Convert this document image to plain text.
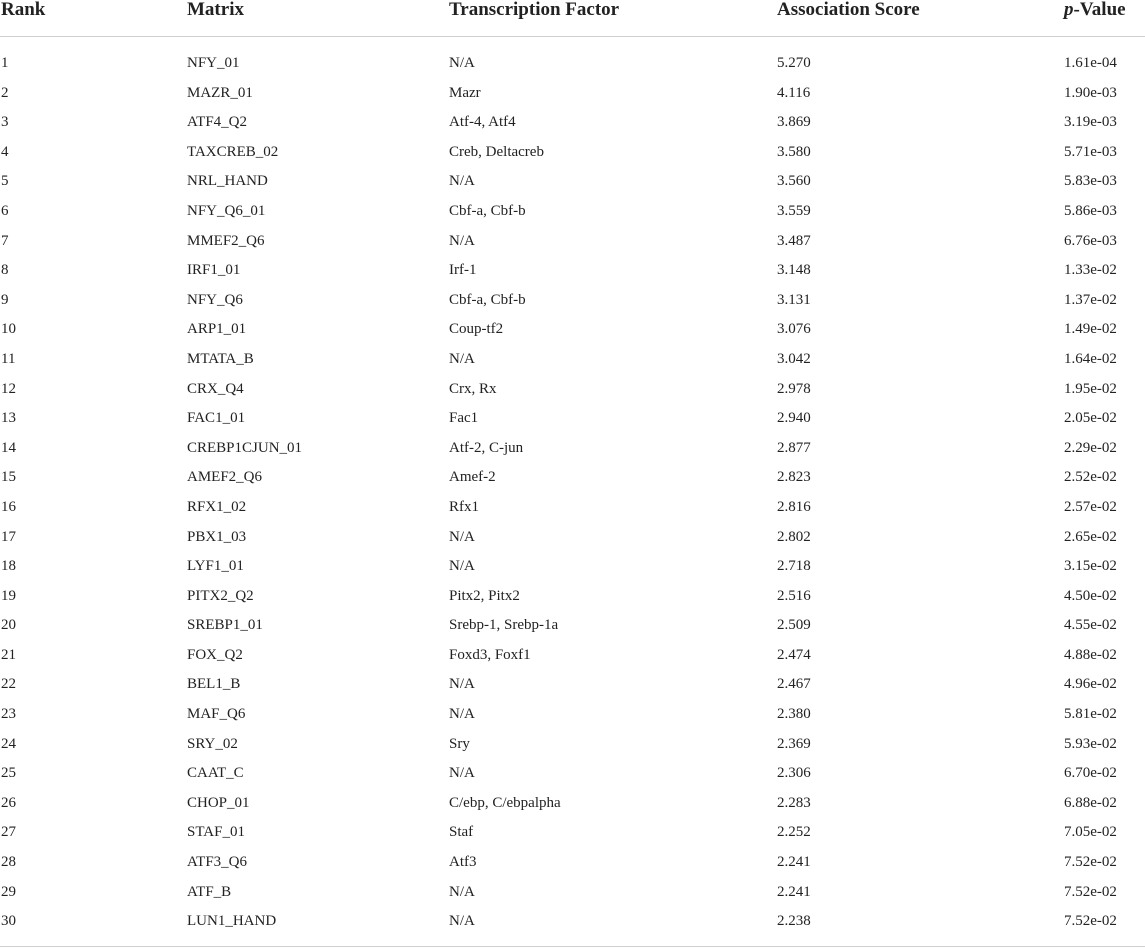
Rank	Matrix	Transcription Factor	Association Score	p-Value
1	NFY_01	N/A	5.270	1.61e-04
2	MAZR_01	Mazr	4.116	1.90e-03
3	ATF4_Q2	Atf-4, Atf4	3.869	3.19e-03
4	TAXCREB_02	Creb, Deltacreb	3.580	5.71e-03
5	NRL_HAND	N/A	3.560	5.83e-03
6	NFY_Q6_01	Cbf-a, Cbf-b	3.559	5.86e-03
7	MMEF2_Q6	N/A	3.487	6.76e-03
8	IRF1_01	Irf-1	3.148	1.33e-02
9	NFY_Q6	Cbf-a, Cbf-b	3.131	1.37e-02
10	ARP1_01	Coup-tf2	3.076	1.49e-02
11	MTATA_B	N/A	3.042	1.64e-02
12	CRX_Q4	Crx, Rx	2.978	1.95e-02
13	FAC1_01	Fac1	2.940	2.05e-02
14	CREBP1CJUN_01	Atf-2, C-jun	2.877	2.29e-02
15	AMEF2_Q6	Amef-2	2.823	2.52e-02
16	RFX1_02	Rfx1	2.816	2.57e-02
17	PBX1_03	N/A	2.802	2.65e-02
18	LYF1_01	N/A	2.718	3.15e-02
19	PITX2_Q2	Pitx2, Pitx2	2.516	4.50e-02
20	SREBP1_01	Srebp-1, Srebp-1a	2.509	4.55e-02
21	FOX_Q2	Foxd3, Foxf1	2.474	4.88e-02
22	BEL1_B	N/A	2.467	4.96e-02
23	MAF_Q6	N/A	2.380	5.81e-02
24	SRY_02	Sry	2.369	5.93e-02
25	CAAT_C	N/A	2.306	6.70e-02
26	CHOP_01	C/ebp, C/ebpalpha	2.283	6.88e-02
27	STAF_01	Staf	2.252	7.05e-02
28	ATF3_Q6	Atf3	2.241	7.52e-02
29	ATF_B	N/A	2.241	7.52e-02
30	LUN1_HAND	N/A	2.238	7.52e-02
